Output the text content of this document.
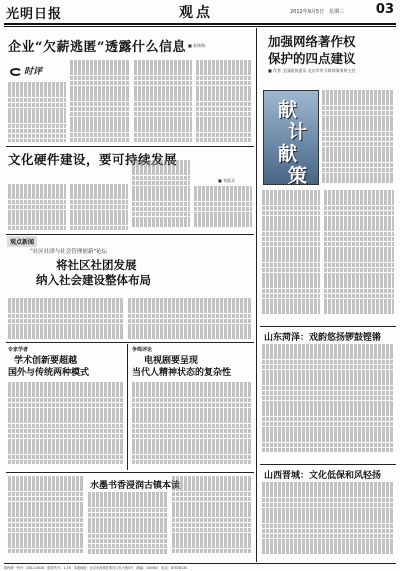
光明日报	观点	2012年9月5日　星期三 03
企业“欠薪逃匿”透露什么信息 ■ 朱坤海
时评
文化硬件建设，要可持续发展
■ 刘莫众
观点新闻
“社区社团与社会管理创新”论坛
将社区社团发展
纳入社会建设整体布局
专家学者
学术创新要超越
国外与传统两种模式
争鸣评论
电视剧要呈现
当代人精神状态的复杂性
水墨书香浸润古镇本读
加强网络著作权
保护的四点建议
■ 作者 全国政协委员 北京市华卫律师事务所主任
献
计
献
策
山东菏泽：戏韵悠扬锣鼓铿锵
山西晋城：文化低保和风轻扬
国内统一刊号：CN11-0026　邮发代号：1-16　本报地址：北京市西城区珠市口东大街5号　邮编：100062　电话：67078130
